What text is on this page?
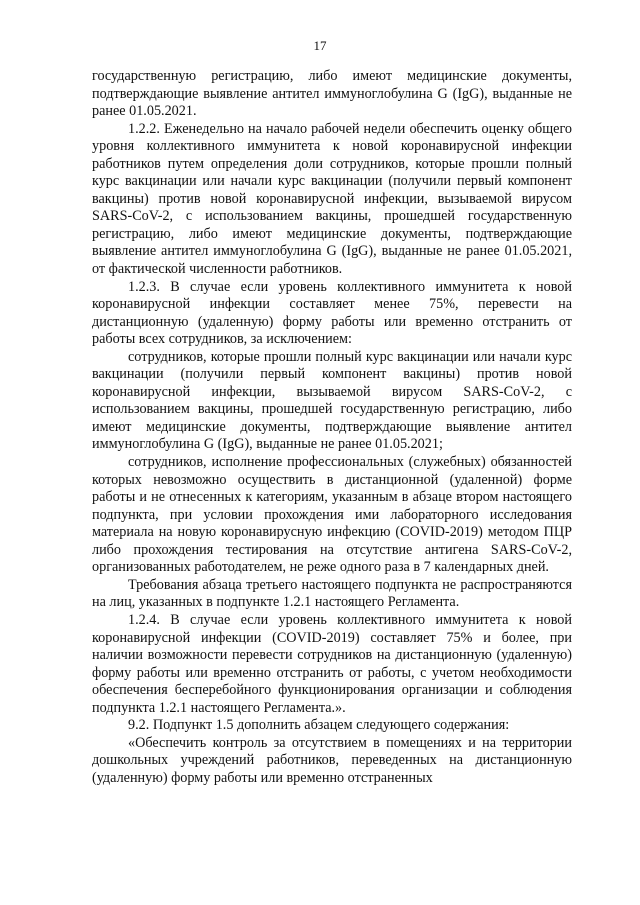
17

государственную регистрацию, либо имеют медицинские документы, подтверждающие выявление антител иммуноглобулина G (IgG), выданные не ранее 01.05.2021.

1.2.2. Еженедельно на начало рабочей недели обеспечить оценку общего уровня коллективного иммунитета к новой коронавирусной инфекции работников путем определения доли сотрудников, которые прошли полный курс вакцинации или начали курс вакцинации (получили первый компонент вакцины) против новой коронавирусной инфекции, вызываемой вирусом SARS-CoV-2, с использованием вакцины, прошедшей государственную регистрацию, либо имеют медицинские документы, подтверждающие выявление антител иммуноглобулина G (IgG), выданные не ранее 01.05.2021, от фактической численности работников.

1.2.3. В случае если уровень коллективного иммунитета к новой коронавирусной инфекции составляет менее 75%, перевести на дистанционную (удаленную) форму работы или временно отстранить от работы всех сотрудников, за исключением:

сотрудников, которые прошли полный курс вакцинации или начали курс вакцинации (получили первый компонент вакцины) против новой коронавирусной инфекции, вызываемой вирусом SARS-CoV-2, с использованием вакцины, прошедшей государственную регистрацию, либо имеют медицинские документы, подтверждающие выявление антител иммуноглобулина G (IgG), выданные не ранее 01.05.2021;

сотрудников, исполнение профессиональных (служебных) обязанностей которых невозможно осуществить в дистанционной (удаленной) форме работы и не отнесенных к категориям, указанным в абзаце втором настоящего подпункта, при условии прохождения ими лабораторного исследования материала на новую коронавирусную инфекцию (COVID-2019) методом ПЦР либо прохождения тестирования на отсутствие антигена SARS-CoV-2, организованных работодателем, не реже одного раза в 7 календарных дней.

Требования абзаца третьего настоящего подпункта не распространяются на лиц, указанных в подпункте 1.2.1 настоящего Регламента.

1.2.4. В случае если уровень коллективного иммунитета к новой коронавирусной инфекции (COVID-2019) составляет 75% и более, при наличии возможности перевести сотрудников на дистанционную (удаленную) форму работы или временно отстранить от работы, с учетом необходимости обеспечения бесперебойного функционирования организации и соблюдения подпункта 1.2.1 настоящего Регламента.».

9.2. Подпункт 1.5 дополнить абзацем следующего содержания:

«Обеспечить контроль за отсутствием в помещениях и на территории дошкольных учреждений работников, переведенных на дистанционную (удаленную) форму работы или временно отстраненных
